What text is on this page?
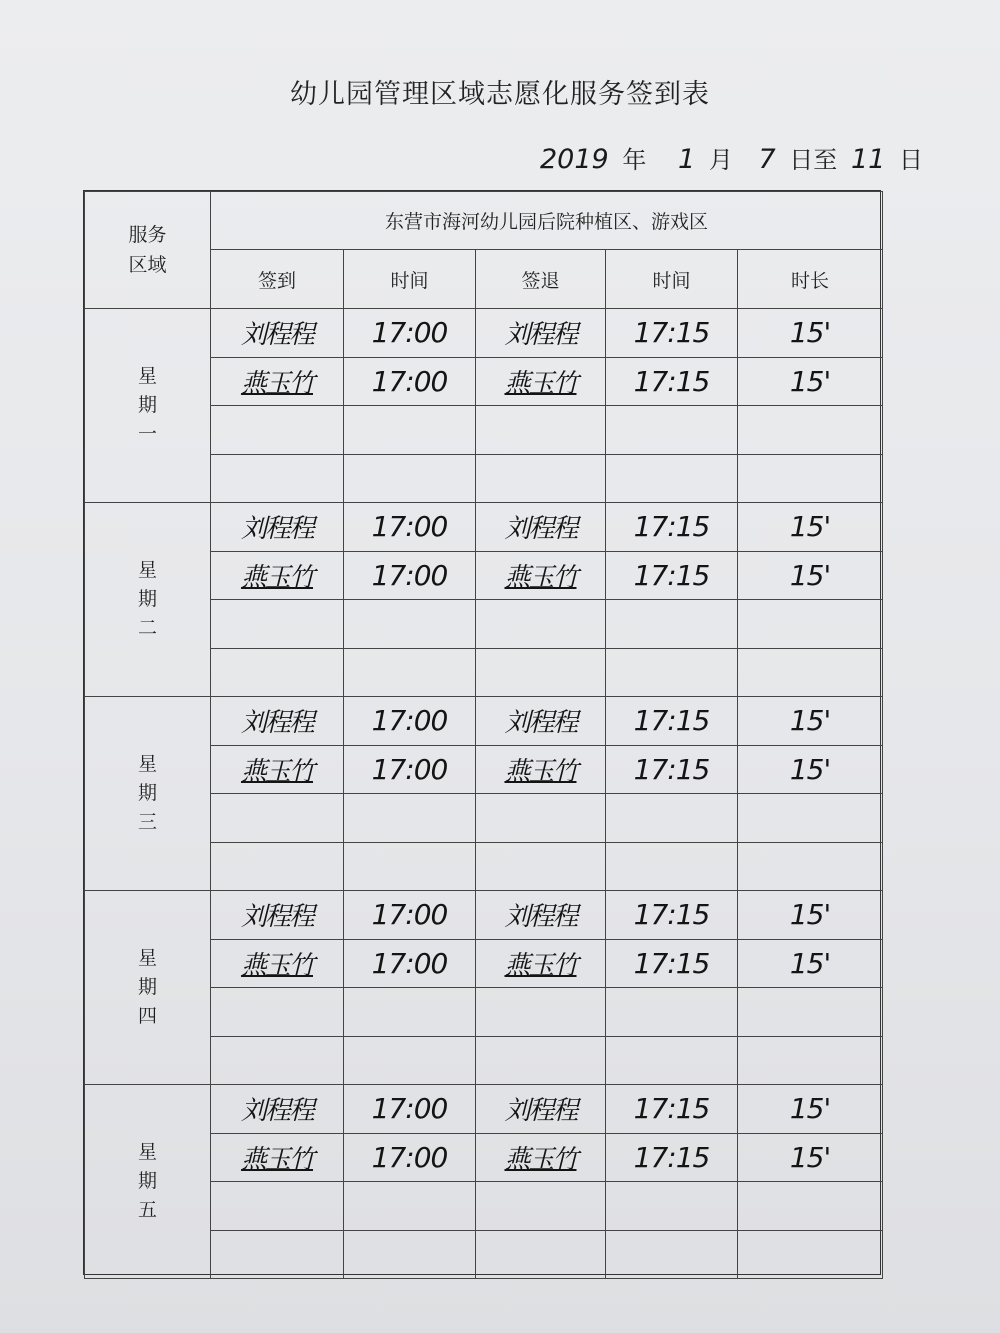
幼儿园管理区域志愿化服务签到表
2019 年 1 月 7 日至 11 日
服务
区域	东营市海河幼儿园后院种植区、游戏区				
	签到	时间	签退	时间	时长

星
期
一	刘程程	17:00	刘程程	17:15	15'
	燕玉竹	17:00	燕玉竹	17:15	15'

星
期
二	刘程程	17:00	刘程程	17:15	15'
	燕玉竹	17:00	燕玉竹	17:15	15'

星
期
三	刘程程	17:00	刘程程	17:15	15'
	燕玉竹	17:00	燕玉竹	17:15	15'

星
期
四	刘程程	17:00	刘程程	17:15	15'
	燕玉竹	17:00	燕玉竹	17:15	15'

星
期
五	刘程程	17:00	刘程程	17:15	15'
	燕玉竹	17:00	燕玉竹	17:15	15'
